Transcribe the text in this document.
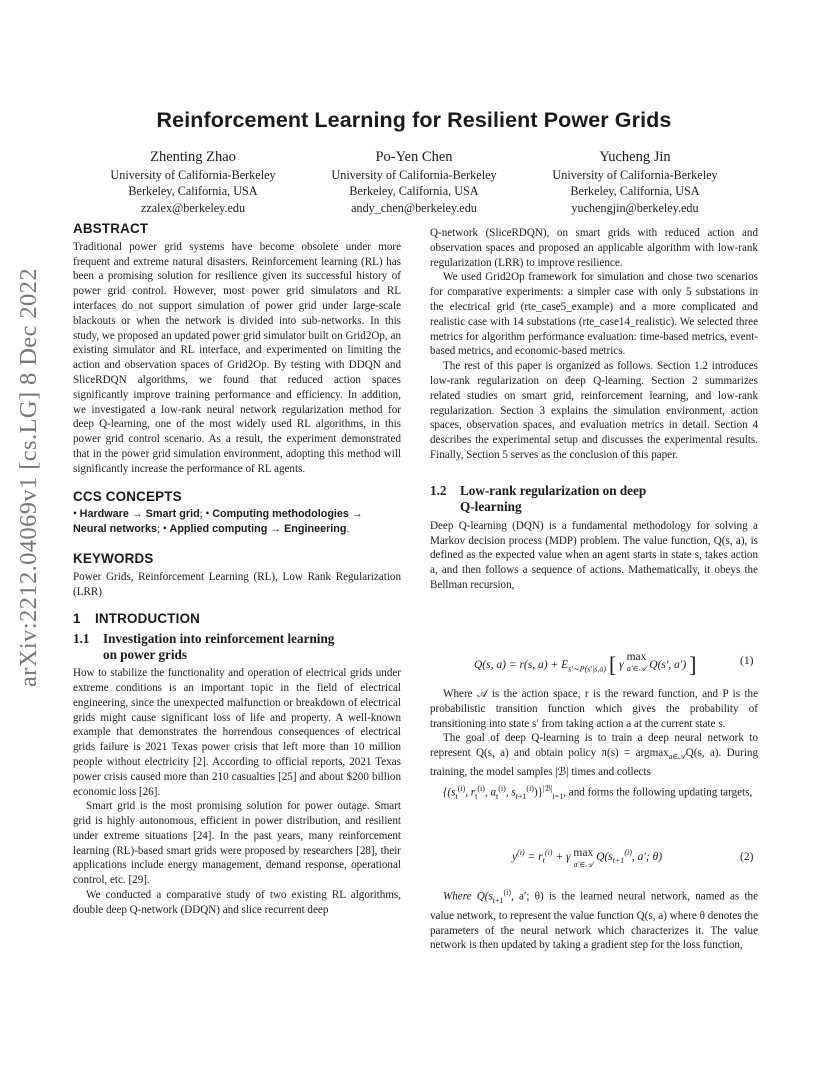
arXiv:2212.04069v1 [cs.LG] 8 Dec 2022
Reinforcement Learning for Resilient Power Grids
Zhenting Zhao
University of California-Berkeley
Berkeley, California, USA
zzalex@berkeley.edu
Po-Yen Chen
University of California-Berkeley
Berkeley, California, USA
andy_chen@berkeley.edu
Yucheng Jin
University of California-Berkeley
Berkeley, California, USA
yuchengjin@berkeley.edu
ABSTRACT

Traditional power grid systems have become obsolete under more frequent and extreme natural disasters. Reinforcement learning (RL) has been a promising solution for resilience given its successful history of power grid control. However, most power grid simulators and RL interfaces do not support simulation of power grid under large-scale blackouts or when the network is divided into sub-networks. In this study, we proposed an updated power grid simulator built on Grid2Op, an existing simulator and RL interface, and experimented on limiting the action and observation spaces of Grid2Op. By testing with DDQN and SliceRDQN algorithms, we found that reduced action spaces significantly improve training performance and efficiency. In addition, we investigated a low-rank neural network regularization method for deep Q-learning, one of the most widely used RL algorithms, in this power grid control scenario. As a result, the experiment demonstrated that in the power grid simulation environment, adopting this method will significantly increase the performance of RL agents.

CCS CONCEPTS
• Hardware → Smart grid; • Computing methodologies →
Neural networks; • Applied computing → Engineering.
KEYWORDS

Power Grids, Reinforcement Learning (RL), Low Rank Regularization (LRR)

1 INTRODUCTION
1.1 Investigation into reinforcement learning
on power grids

How to stabilize the functionality and operation of electrical grids under extreme conditions is an important topic in the field of electrical engineering, since the unexpected malfunction or breakdown of electrical grids might cause significant loss of life and property. A well-known example that demonstrates the horrendous consequences of electrical grids failure is 2021 Texas power crisis that left more than 10 million people without electricity [2]. According to official reports, 2021 Texas power crisis caused more than 210 casualties [25] and about $200 billion economic loss [26].

Smart grid is the most promising solution for power outage. Smart grid is highly autonomous, efficient in power distribution, and resilient under extreme situations [24]. In the past years, many reinforcement learning (RL)-based smart grids were proposed by researchers [28], their applications include energy management, demand response, operational control, etc. [29].

We conducted a comparative study of two existing RL algorithms, double deep Q-network (DDQN) and slice recurrent deep

Q-network (SliceRDQN), on smart grids with reduced action and observation spaces and proposed an applicable algorithm with low-rank regularization (LRR) to improve resilience.

We used Grid2Op framework for simulation and chose two scenarios for comparative experiments: a simpler case with only 5 substations in the electrical grid (rte_case5_example) and a more complicated and realistic case with 14 substations (rte_case14_realistic). We selected three metrics for algorithm performance evaluation: time-based metrics, event-based metrics, and economic-based metrics.

The rest of this paper is organized as follows. Section 1.2 introduces low-rank regularization on deep Q-learning. Section 2 summarizes related studies on smart grid, reinforcement learning, and low-rank regularization. Section 3 explains the simulation environment, action spaces, observation spaces, and evaluation metrics in detail. Section 4 describes the experimental setup and discusses the experimental results. Finally, Section 5 serves as the conclusion of this paper.

1.2 Low-rank regularization on deep
Q-learning

Deep Q-learning (DQN) is a fundamental methodology for solving a Markov decision process (MDP) problem. The value function, Q(s, a), is defined as the expected value when an agent starts in state s, takes action a, and then follows a sequence of actions. Mathematically, it obeys the Bellman recursion,

Q(s, a) = r(s, $a) + E_{s'\sim P(s'|s,a)}$ [ γ max
a′∈𝒜 Q(s′, a′) ]	(1)

Where 𝒜 is the action space, r is the reward function, and P is the probabilistic transition function which gives the probability of transitioning into state s′ from taking action a at the current state s.

The goal of deep Q-learning is to train a deep neural network to represent Q(s, a) and obtain policy π(s) = argmax$_{a\in 𝒜}$Q(s, a). During training, the model samples |ℬ| times and collects

{($s_t^{(i)}$, $r_t^{(i)}$, $a_t^{(i)}$, $s_{t+1}^{(i)})\}^{|ℬ|}_{i=1}$, and forms the following updating targets,

$y^{(i)} = r_t^{(i)} + \gamma$ max
a′∈𝒜 $Q(s_{t+1}^{(i)}$, a′; θ)	(2)

Where $Q(s_{t+1}^{(i)}$, a′; θ) is the learned neural network, named as the value network, to represent the value function Q(s, a) where θ denotes the parameters of the neural network which characterizes it. The value network is then updated by taking a gradient step for the loss function,
